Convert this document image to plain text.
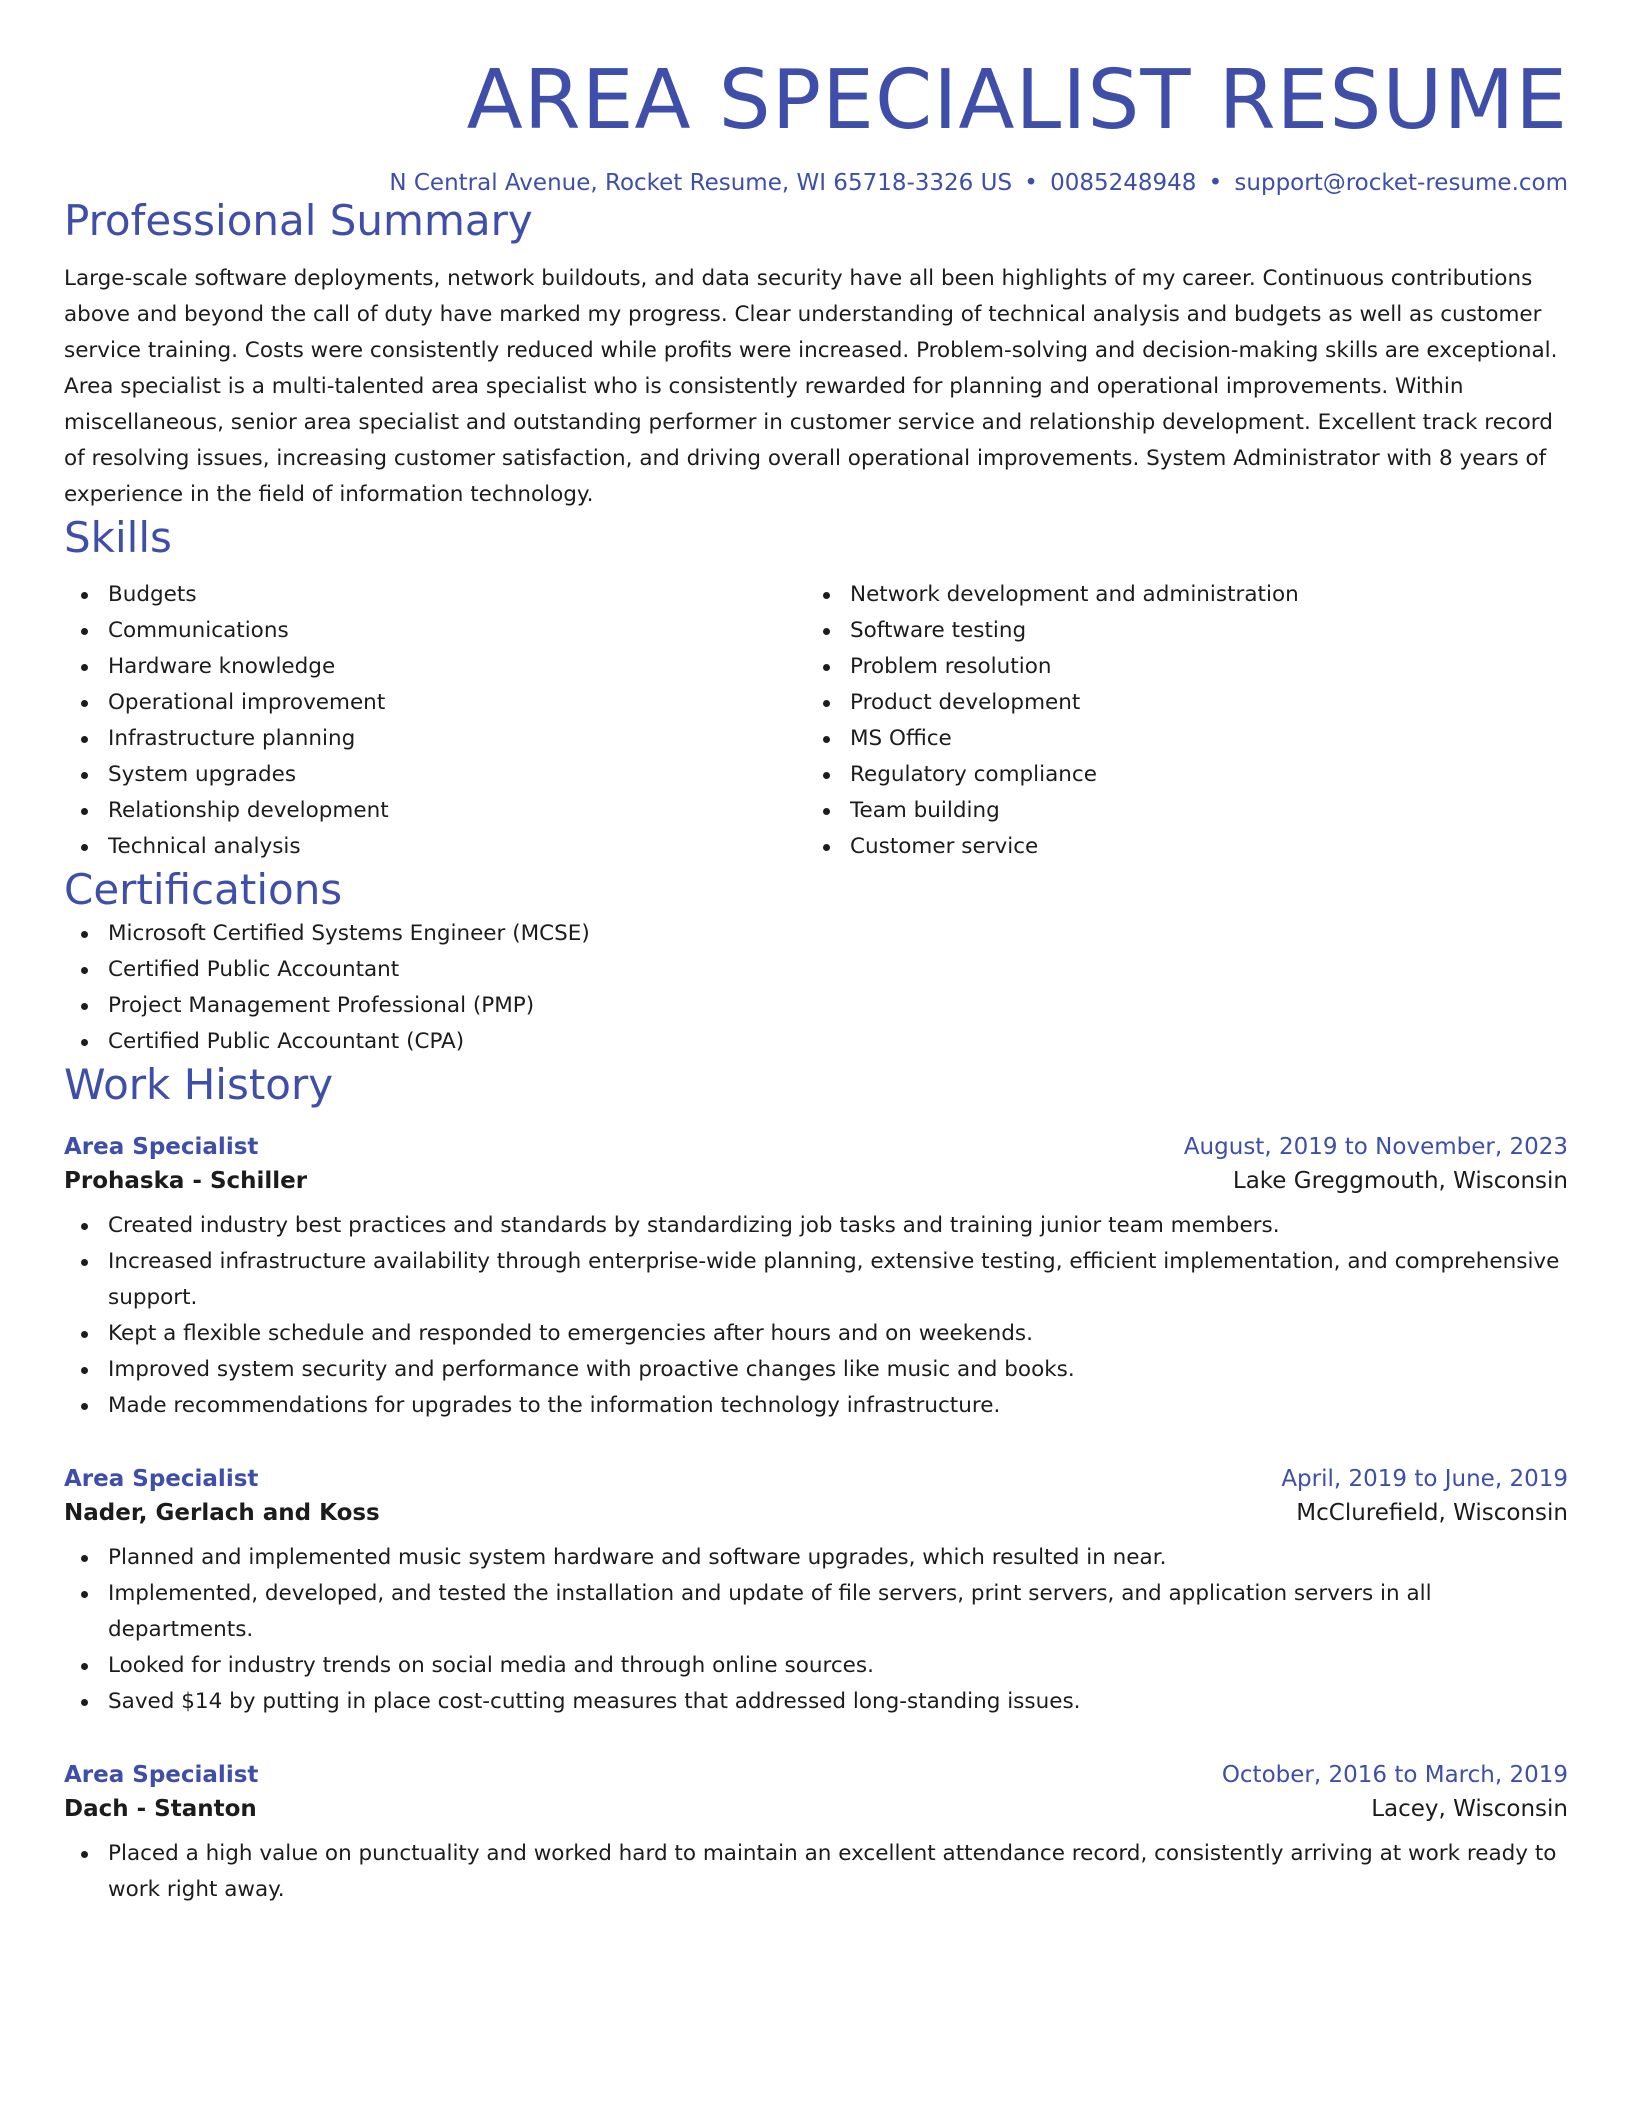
AREA SPECIALIST RESUME
N Central Avenue, Rocket Resume, WI 65718-3326 US • 0085248948 • support@rocket-resume.com
Professional Summary
Large-scale software deployments, network buildouts, and data security have all been highlights of my career. Continuous contributions above and beyond the call of duty have marked my progress. Clear understanding of technical analysis and budgets as well as customer service training. Costs were consistently reduced while profits were increased. Problem-solving and decision-making skills are exceptional. Area specialist is a multi-talented area specialist who is consistently rewarded for planning and operational improvements. Within miscellaneous, senior area specialist and outstanding performer in customer service and relationship development. Excellent track record of resolving issues, increasing customer satisfaction, and driving overall operational improvements. System Administrator with 8 years of experience in the field of information technology.
Skills
Budgets
Communications
Hardware knowledge
Operational improvement
Infrastructure planning
System upgrades
Relationship development
Technical analysis
Network development and administration
Software testing
Problem resolution
Product development
MS Office
Regulatory compliance
Team building
Customer service
Certifications
Microsoft Certified Systems Engineer (MCSE)
Certified Public Accountant
Project Management Professional (PMP)
Certified Public Accountant (CPA)
Work History
Area Specialist	August, 2019 to November, 2023
Prohaska - Schiller	Lake Greggmouth, Wisconsin
Created industry best practices and standards by standardizing job tasks and training junior team members.
Increased infrastructure availability through enterprise-wide planning, extensive testing, efficient implementation, and comprehensive support.
Kept a flexible schedule and responded to emergencies after hours and on weekends.
Improved system security and performance with proactive changes like music and books.
Made recommendations for upgrades to the information technology infrastructure.
Area Specialist	April, 2019 to June, 2019
Nader, Gerlach and Koss	McClurefield, Wisconsin
Planned and implemented music system hardware and software upgrades, which resulted in near.
Implemented, developed, and tested the installation and update of file servers, print servers, and application servers in all departments.
Looked for industry trends on social media and through online sources.
Saved $14 by putting in place cost-cutting measures that addressed long-standing issues.
Area Specialist	October, 2016 to March, 2019
Dach - Stanton	Lacey, Wisconsin
Placed a high value on punctuality and worked hard to maintain an excellent attendance record, consistently arriving at work ready to work right away.
